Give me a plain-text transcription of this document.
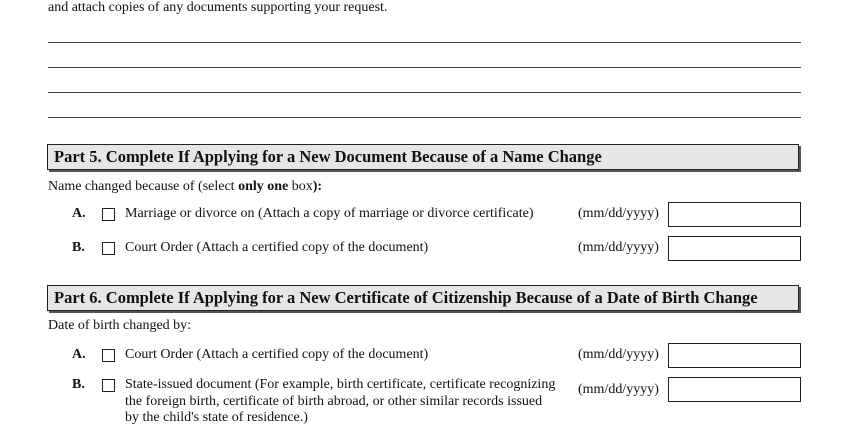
and attach copies of any documents supporting your request.
Part 5. Complete If Applying for a New Document Because of a Name Change
Name changed because of (select only one box):
A.	Marriage or divorce on (Attach a copy of marriage or divorce certificate)	(mm/dd/yyyy)
B.	Court Order (Attach a certified copy of the document)	(mm/dd/yyyy)
Part 6. Complete If Applying for a New Certificate of Citizenship Because of a Date of Birth Change
Date of birth changed by:
A.	Court Order (Attach a certified copy of the document)	(mm/dd/yyyy)
B.	State-issued document (For example, birth certificate, certificate recognizing
the foreign birth, certificate of birth abroad, or other similar records issued
by the child's state of residence.)
(mm/dd/yyyy)
